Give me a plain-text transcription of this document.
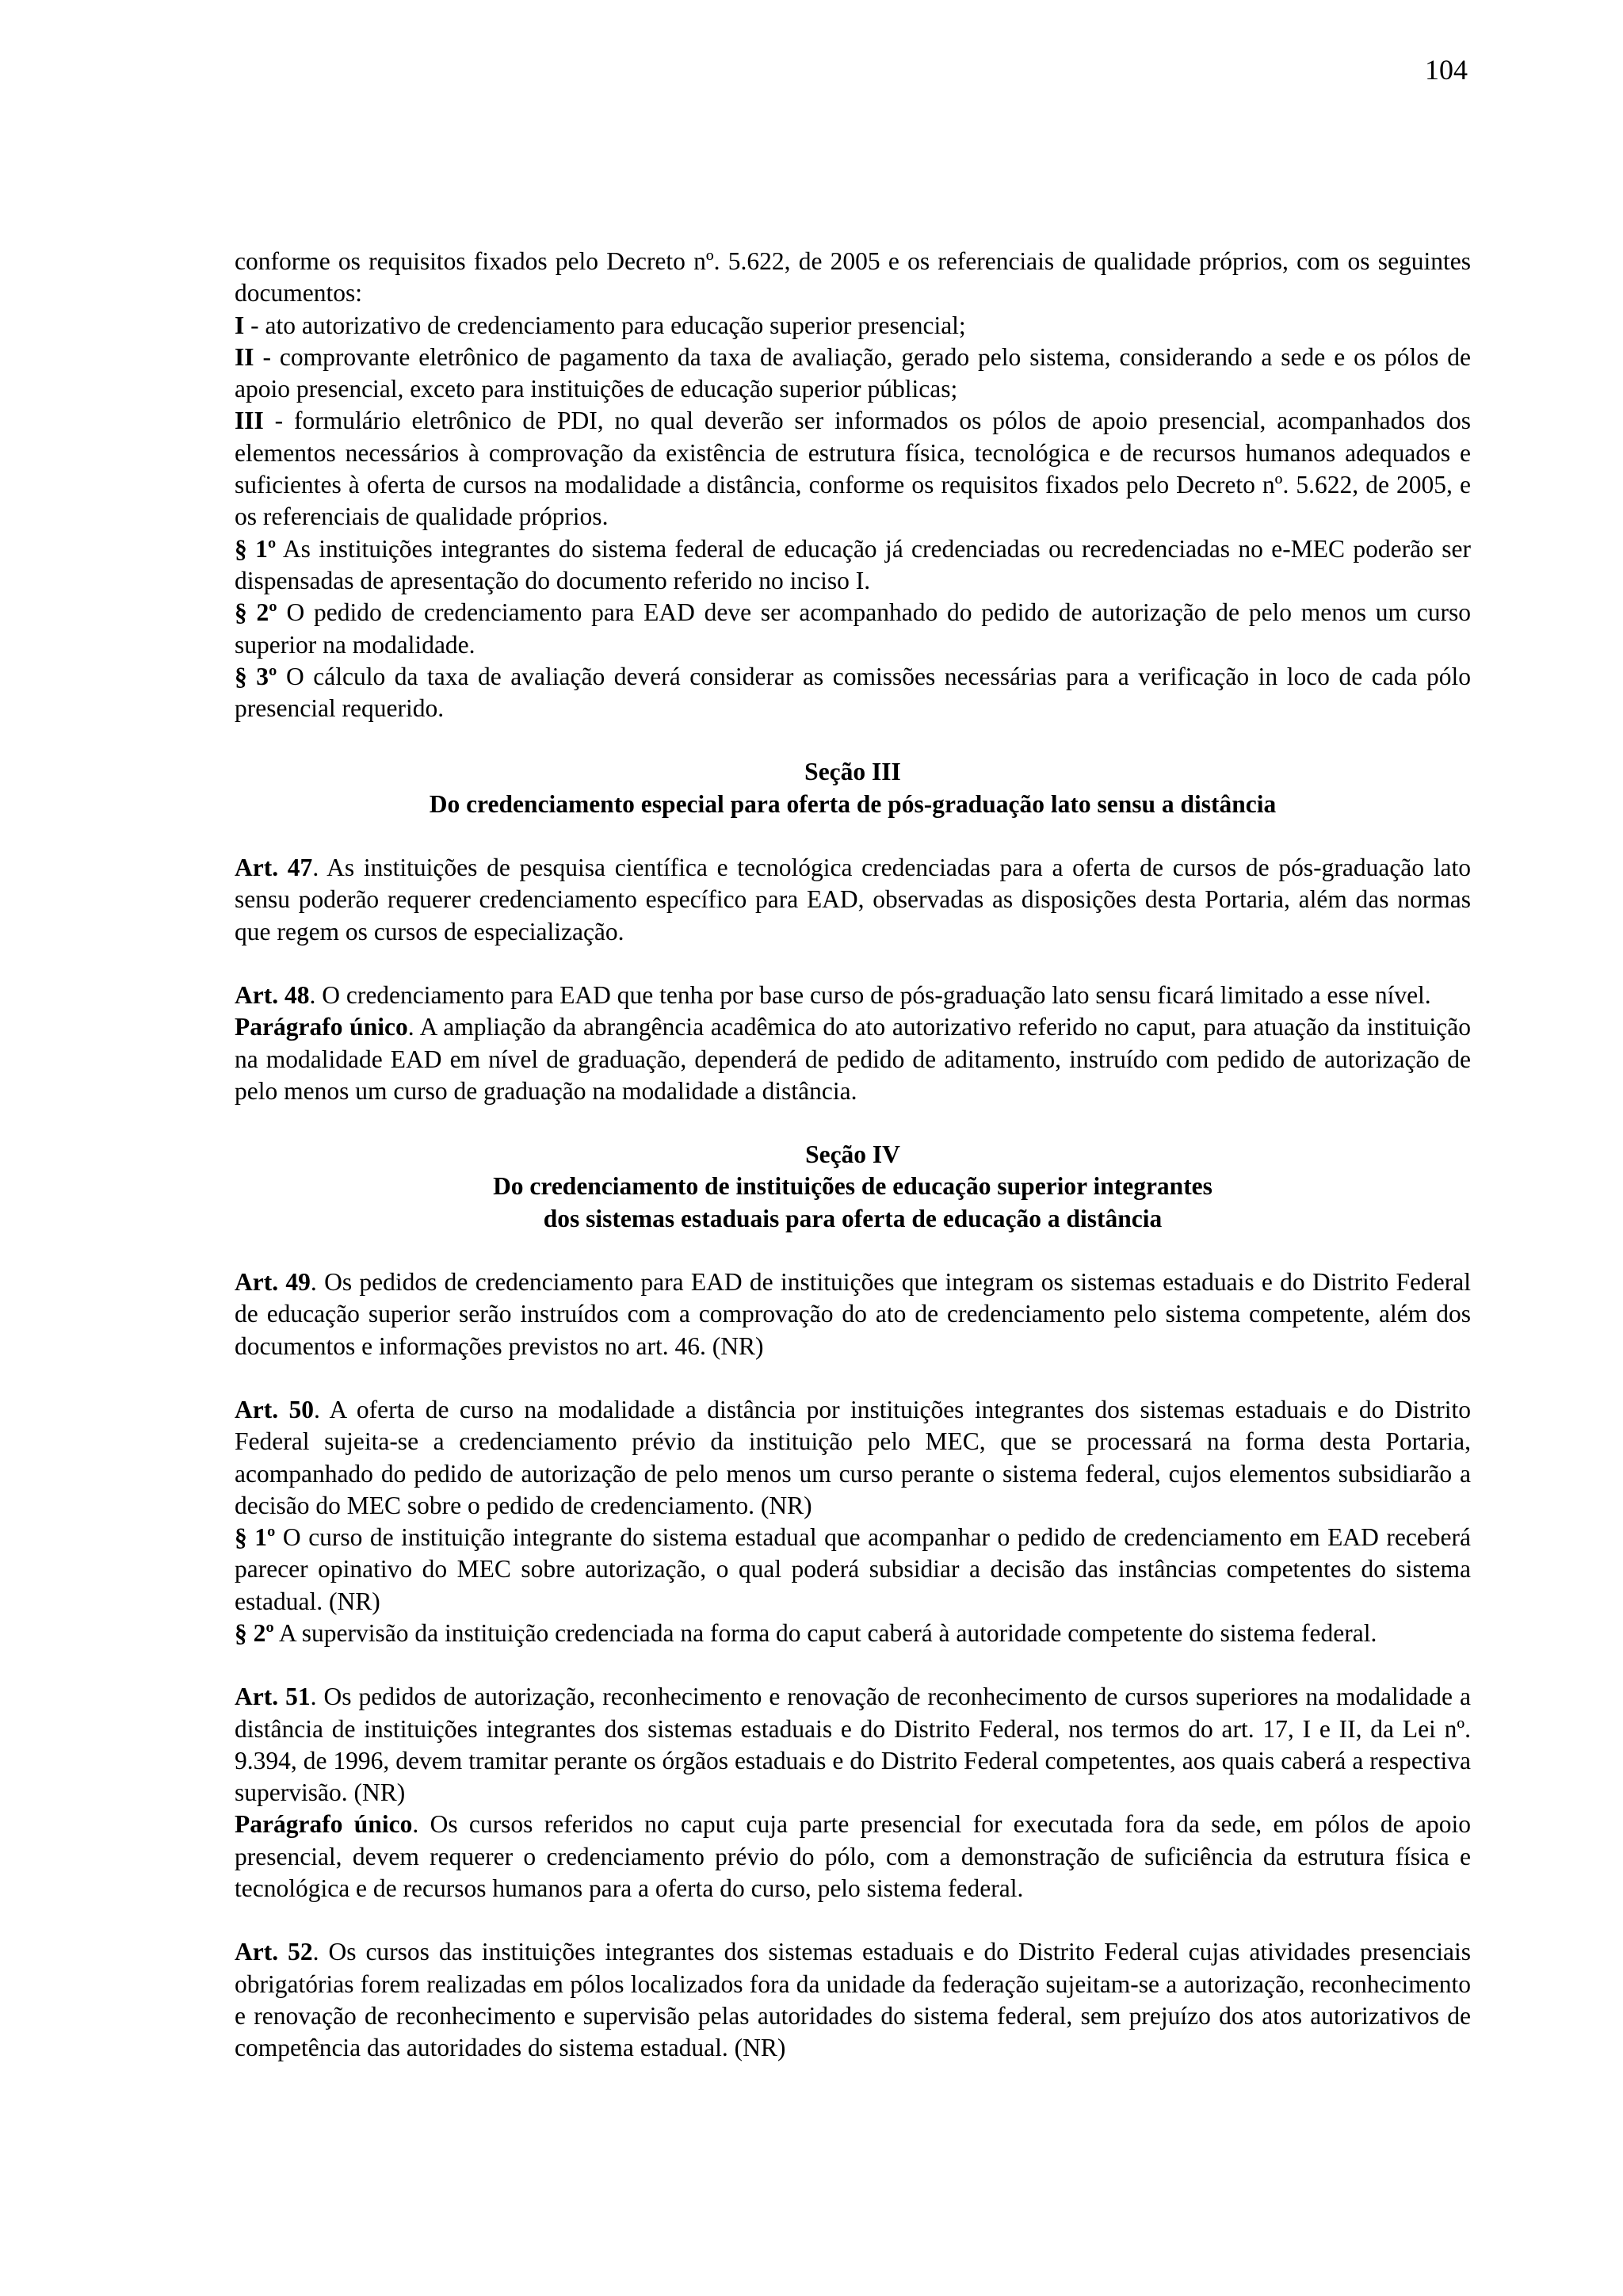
104

conforme os requisitos fixados pelo Decreto nº. 5.622, de 2005 e os referenciais de qualidade próprios, com os seguintes documentos:

I - ato autorizativo de credenciamento para educação superior presencial;

II - comprovante eletrônico de pagamento da taxa de avaliação, gerado pelo sistema, considerando a sede e os pólos de apoio presencial, exceto para instituições de educação superior públicas;

III - formulário eletrônico de PDI, no qual deverão ser informados os pólos de apoio presencial, acompanhados dos elementos necessários à comprovação da existência de estrutura física, tecnológica e de recursos humanos adequados e suficientes à oferta de cursos na modalidade a distância, conforme os requisitos fixados pelo Decreto nº. 5.622, de 2005, e os referenciais de qualidade próprios.

§ 1º As instituições integrantes do sistema federal de educação já credenciadas ou recredenciadas no e-MEC poderão ser dispensadas de apresentação do documento referido no inciso I.

§ 2º O pedido de credenciamento para EAD deve ser acompanhado do pedido de autorização de pelo menos um curso superior na modalidade.

§ 3º O cálculo da taxa de avaliação deverá considerar as comissões necessárias para a verificação in loco de cada pólo presencial requerido.

Seção III

Do credenciamento especial para oferta de pós-graduação lato sensu a distância

Art. 47. As instituições de pesquisa científica e tecnológica credenciadas para a oferta de cursos de pós-graduação lato sensu poderão requerer credenciamento específico para EAD, observadas as disposições desta Portaria, além das normas que regem os cursos de especialização.

Art. 48. O credenciamento para EAD que tenha por base curso de pós-graduação lato sensu ficará limitado a esse nível.

Parágrafo único. A ampliação da abrangência acadêmica do ato autorizativo referido no caput, para atuação da instituição na modalidade EAD em nível de graduação, dependerá de pedido de aditamento, instruído com pedido de autorização de pelo menos um curso de graduação na modalidade a distância.

Seção IV

Do credenciamento de instituições de educação superior integrantes

dos sistemas estaduais para oferta de educação a distância

Art. 49. Os pedidos de credenciamento para EAD de instituições que integram os sistemas estaduais e do Distrito Federal de educação superior serão instruídos com a comprovação do ato de credenciamento pelo sistema competente, além dos documentos e informações previstos no art. 46. (NR)

Art. 50. A oferta de curso na modalidade a distância por instituições integrantes dos sistemas estaduais e do Distrito Federal sujeita-se a credenciamento prévio da instituição pelo MEC, que se processará na forma desta Portaria, acompanhado do pedido de autorização de pelo menos um curso perante o sistema federal, cujos elementos subsidiarão a decisão do MEC sobre o pedido de credenciamento. (NR)

§ 1º O curso de instituição integrante do sistema estadual que acompanhar o pedido de credenciamento em EAD receberá parecer opinativo do MEC sobre autorização, o qual poderá subsidiar a decisão das instâncias competentes do sistema estadual. (NR)

§ 2º A supervisão da instituição credenciada na forma do caput caberá à autoridade competente do sistema federal.

Art. 51. Os pedidos de autorização, reconhecimento e renovação de reconhecimento de cursos superiores na modalidade a distância de instituições integrantes dos sistemas estaduais e do Distrito Federal, nos termos do art. 17, I e II, da Lei nº. 9.394, de 1996, devem tramitar perante os órgãos estaduais e do Distrito Federal competentes, aos quais caberá a respectiva supervisão. (NR)

Parágrafo único. Os cursos referidos no caput cuja parte presencial for executada fora da sede, em pólos de apoio presencial, devem requerer o credenciamento prévio do pólo, com a demonstração de suficiência da estrutura física e tecnológica e de recursos humanos para a oferta do curso, pelo sistema federal.

Art. 52. Os cursos das instituições integrantes dos sistemas estaduais e do Distrito Federal cujas atividades presenciais obrigatórias forem realizadas em pólos localizados fora da unidade da federação sujeitam-se a autorização, reconhecimento e renovação de reconhecimento e supervisão pelas autoridades do sistema federal, sem prejuízo dos atos autorizativos de competência das autoridades do sistema estadual. (NR)
